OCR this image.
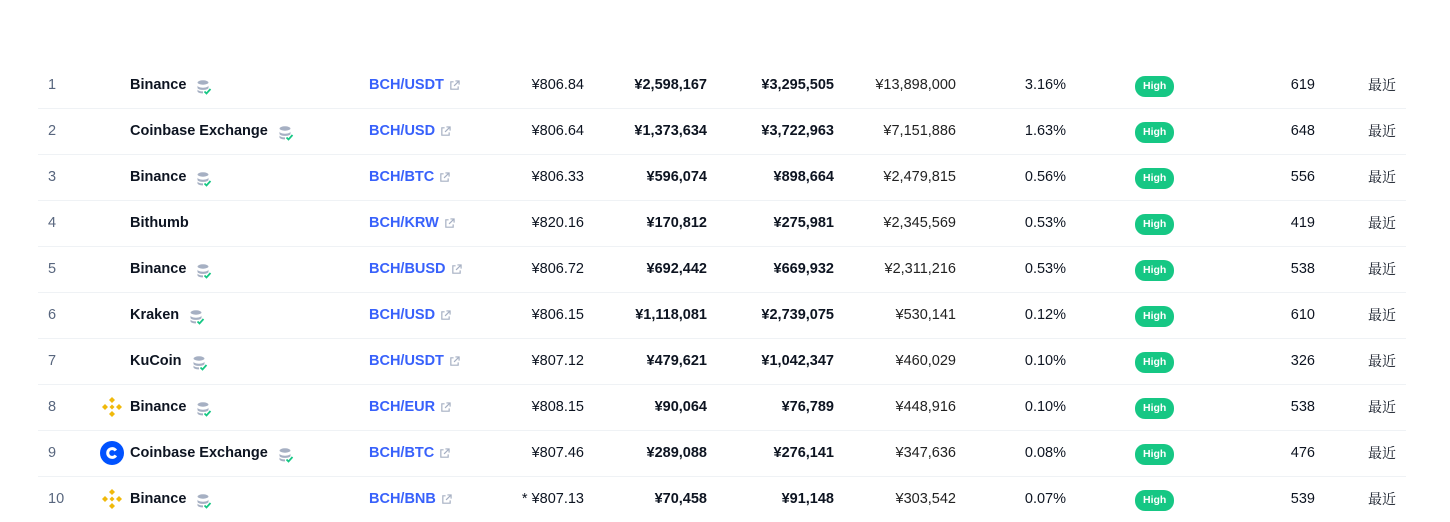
1	Binance	BCH/USDT	¥806.84	¥2,598,167	¥3,295,505	¥13,898,000	3.16%	High	619	最近
2	Coinbase Exchange	BCH/USD	¥806.64	¥1,373,634	¥3,722,963	¥7,151,886	1.63%	High	648	最近
3	Binance	BCH/BTC	¥806.33	¥596,074	¥898,664	¥2,479,815	0.56%	High	556	最近
4	Bithumb	BCH/KRW	¥820.16	¥170,812	¥275,981	¥2,345,569	0.53%	High	419	最近
5	Binance	BCH/BUSD	¥806.72	¥692,442	¥669,932	¥2,311,216	0.53%	High	538	最近
6	Kraken	BCH/USD	¥806.15	¥1,118,081	¥2,739,075	¥530,141	0.12%	High	610	最近
7	KuCoin	BCH/USDT	¥807.12	¥479,621	¥1,042,347	¥460,029	0.10%	High	326	最近
8	Binance	BCH/EUR	¥808.15	¥90,064	¥76,789	¥448,916	0.10%	High	538	最近
9	Coinbase Exchange	BCH/BTC	¥807.46	¥289,088	¥276,141	¥347,636	0.08%	High	476	最近
10	Binance	BCH/BNB	* ¥807.13	¥70,458	¥91,148	¥303,542	0.07%	High	539	最近
